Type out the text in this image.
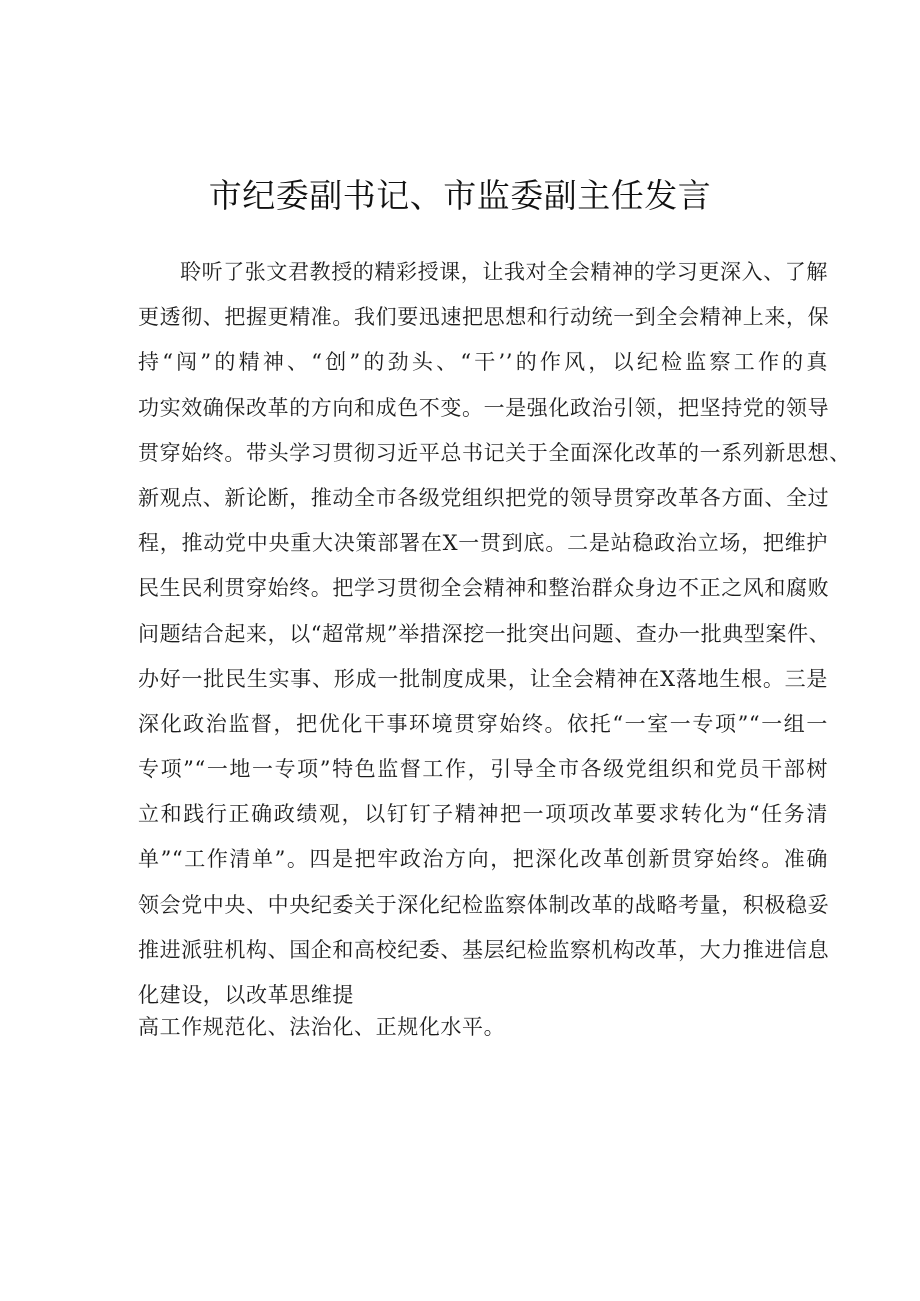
市纪委副书记、市监委副主任发言
聆听了张文君教授的精彩授课，让我对全会精神的学习更深入、了解
更透彻、把握更精准。我们要迅速把思想和行动统一到全会精神上来，保
持“闯”的精神、“创”的劲头、“干’’的作风，以纪检监察工作的真
功实效确保改革的方向和成色不变。一是强化政治引领，把坚持党的领导
贯穿始终。带头学习贯彻习近平总书记关于全面深化改革的一系列新思想、
新观点、新论断，推动全市各级党组织把党的领导贯穿改革各方面、全过
程，推动党中央重大决策部署在X一贯到底。二是站稳政治立场，把维护
民生民利贯穿始终。把学习贯彻全会精神和整治群众身边不正之风和腐败
问题结合起来，以“超常规”举措深挖一批突出问题、查办一批典型案件、
办好一批民生实事、形成一批制度成果，让全会精神在X落地生根。三是
深化政治监督，把优化干事环境贯穿始终。依托“一室一专项”“一组一
专项”“一地一专项”特色监督工作，引导全市各级党组织和党员干部树
立和践行正确政绩观，以钉钉子精神把一项项改革要求转化为“任务清
单”“工作清单”。四是把牢政治方向，把深化改革创新贯穿始终。准确
领会党中央、中央纪委关于深化纪检监察体制改革的战略考量，积极稳妥
推进派驻机构、国企和高校纪委、基层纪检监察机构改革，大力推进信息
化建设，以改革思维提
高工作规范化、法治化、正规化水平。
